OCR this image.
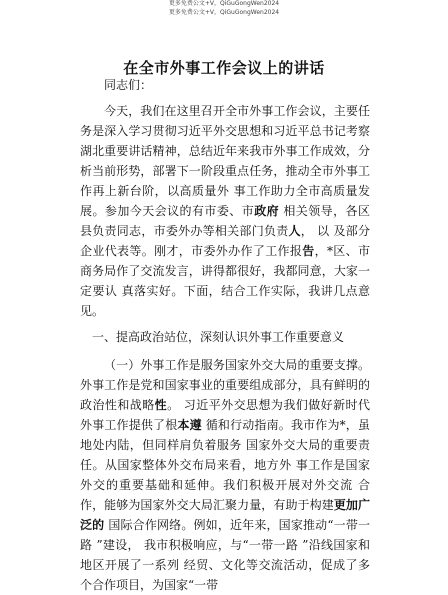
更多免费公文+V，QiGuGongWen2024
更多免费公文+V，QiGuGongWen2024
在全市外事工作会议上的讲话

同志们：

今天，我们在这里召开全市外事工作会议，主要任务是深入学习贯彻习近平外交思想和习近平总书记考察湖北重要讲话精神，总结近年来我市外事工作成效，分析当前形势，部署下一阶段重点任务，推动全市外事工作再上新台阶，以高质量外 事工作助力全市高质量发展。参加今天会议的有市委、市政府 相关领导，各区县负责同志，市委外办等相关部门负责人， 以 及部分企业代表等。刚才，市委外办作了工作报告，*区、市 商务局作了交流发言，讲得都很好，我都同意，大家一定要认 真落实好。下面，结合工作实际，我讲几点意见。

一、提高政治站位，深刻认识外事工作重要意义

（一）外事工作是服务国家外交大局的重要支撑。外事工作是党和国家事业的重要组成部分，具有鲜明的政治性和战略性。 习近平外交思想为我们做好新时代外事工作提供了根本遵 循和行动指南。我市作为*，虽地处内陆，但同样肩负着服务 国家外交大局的重要责任。从国家整体外交布局来看，地方外 事工作是国家外交的重要基础和延伸。我们积极开展对外交流 合作，能够为国家外交大局汇聚力量，有助于构建更加广泛的 国际合作网络。例如，近年来，国家推动“一带一路 ”建设， 我市积极响应，与“一带一路 ”沿线国家和地区开展了一系列 经贸、文化等交流活动，促成了多个合作项目，为国家“一带
